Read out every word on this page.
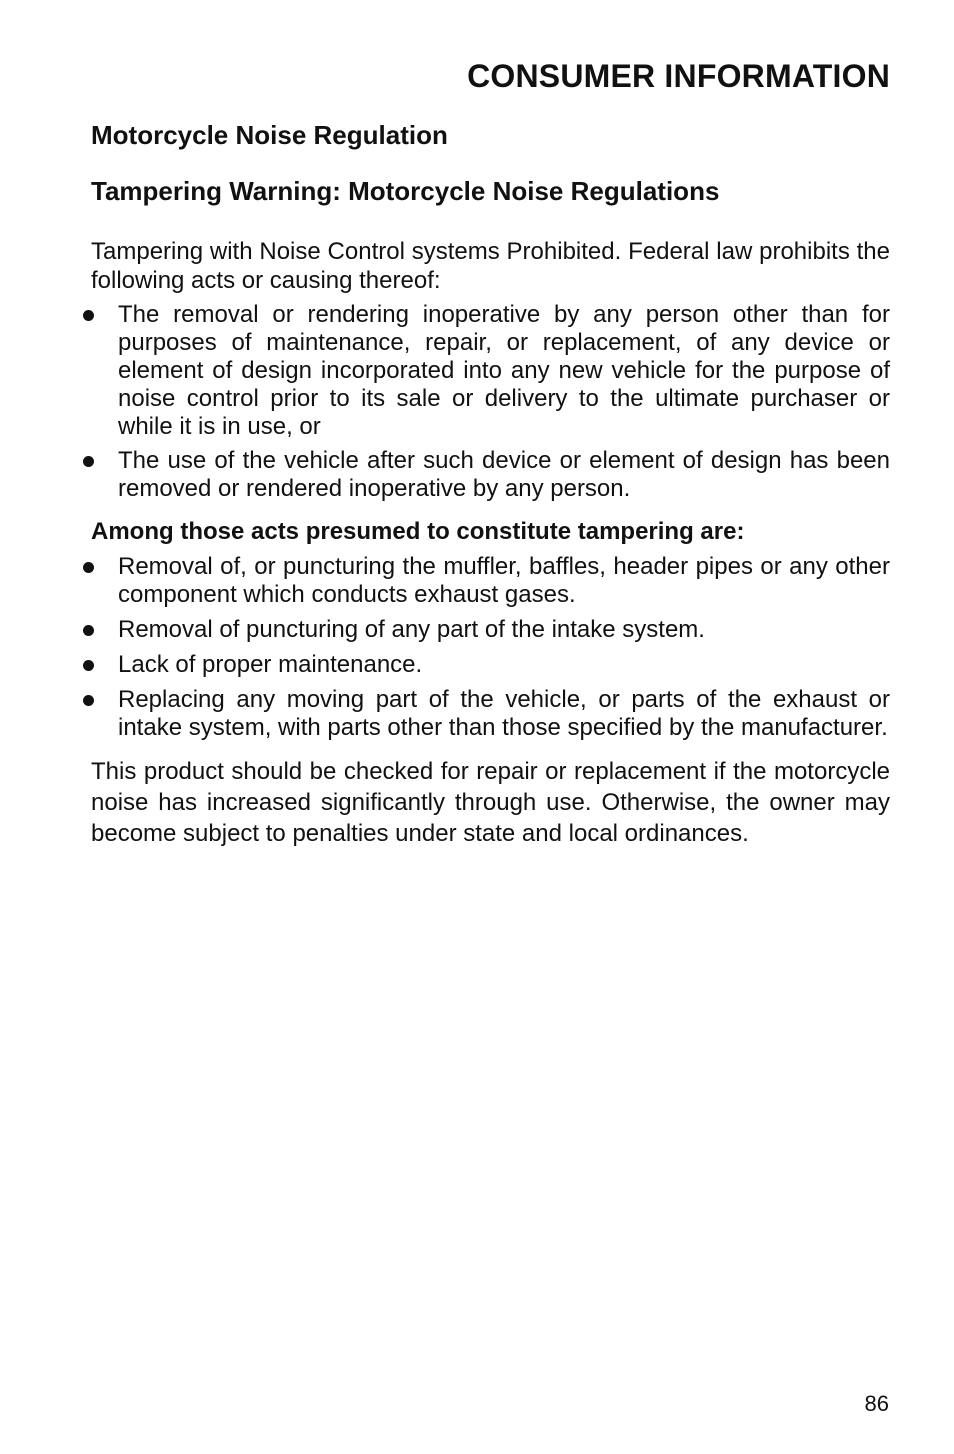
CONSUMER INFORMATION
Motorcycle Noise Regulation
Tampering Warning: Motorcycle Noise Regulations

Tampering with Noise Control systems Prohibited. Federal law prohibits the following acts or causing thereof:

The removal or rendering inoperative by any person other than for purposes of maintenance, repair, or replacement, of any device or element of design incorporated into any new vehicle for the purpose of noise control prior to its sale or delivery to the ultimate purchaser or while it is in use, or
The use of the vehicle after such device or element of design has been removed or rendered inoperative by any person.

Among those acts presumed to constitute tampering are:

Removal of, or puncturing the muffler, baffles, header pipes or any other component which conducts exhaust gases.
Removal of puncturing of any part of the intake system.
Lack of proper maintenance.
Replacing any moving part of the vehicle, or parts of the exhaust or intake system, with parts other than those specified by the manufacturer.

This product should be checked for repair or replacement if the motorcycle noise has increased significantly through use. Otherwise, the owner may become subject to penalties under state and local ordinances.

86
